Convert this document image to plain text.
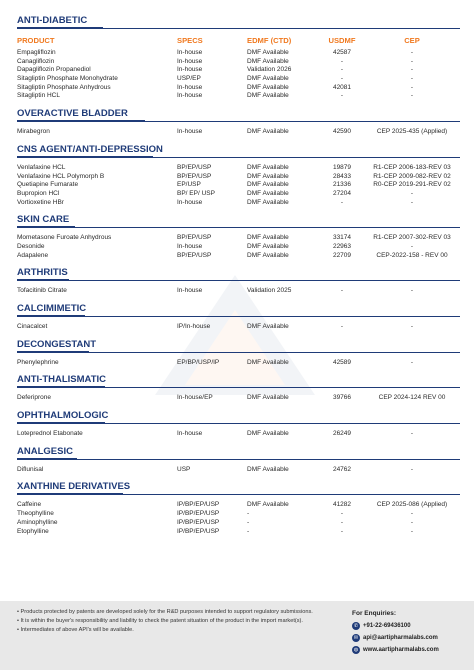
ANTI-DIABETIC
PRODUCT	SPECS	EDMF (CTD)	USDMF	CEP
Empagliflozin	In-house	DMF Available	42587	-
Canagliflozin	In-house	DMF Available	-	-
Dapagliflozin Propanediol	In-house	Validation 2026	-	-
Sitagliptin Phosphate Monohydrate	USP/EP	DMF Available	-	-
Sitagliptin Phosphate Anhydrous	In-house	DMF Available	42081	-
Sitagliptin HCL	In-house	DMF Available	-	-
OVERACTIVE BLADDER
Mirabegron	In-house	DMF Available	42590	CEP 2025-435 (Applied)
CNS AGENT/ANTI-DEPRESSION
Venlafaxine HCL	BP/EP/USP	DMF Available	19879	R1-CEP 2006-183-REV 03
Venlafaxine HCL Polymorph B	BP/EP/USP	DMF Available	28433	R1-CEP 2009-082-REV 02
Quetiapine Fumarate	EP/USP	DMF Available	21336	R0-CEP 2019-291-REV 02
Bupropion HCl	BP/ EP/ USP	DMF Available	27204	-
Vortioxetine HBr	In-house	DMF Available	-	-
SKIN CARE
Mometasone Furoate Anhydrous	BP/EP/USP	DMF Available	33174	R1-CEP 2007-302-REV 03
Desonide	In-house	DMF Available	22963	-
Adapalene	BP/EP/USP	DMF Available	22709	CEP-2022-158 - REV 00
ARTHRITIS
Tofacitinib Citrate	In-house	Validation 2025	-	-
CALCIMIMETIC
Cinacalcet	IP/In-house	DMF Available	-	-
DECONGESTANT
Phenylephrine	EP/BP/USP/IP	DMF Available	42589	-
ANTI-THALISMATIC
Deferiprone	In-house/EP	DMF Available	39766	CEP 2024-124 REV 00
OPHTHALMOLOGIC
Loteprednol Etabonate	In-house	DMF Available	26249	-
ANALGESIC
Diflunisal	USP	DMF Available	24762	-
XANTHINE DERIVATIVES
Caffeine	IP/BP/EP/USP	DMF Available	41282	CEP 2025-086 (Applied)
Theophylline	IP/BP/EP/USP	-	-	-
Aminophylline	IP/BP/EP/USP	-	-	-
Etophylline	IP/BP/EP/USP	-	-	-

• Products protected by patents are developed solely for the R&D purposes intended to support regulatory submissions.

• It is within the buyer's responsibility and liability to check the patent situation of the product in the import market(s).

• Intermediates of above API's will be available.

For Enquiries:
✆ +91-22-69436100
✉ api@aartipharmalabs.com
◍ www.aartipharmalabs.com
